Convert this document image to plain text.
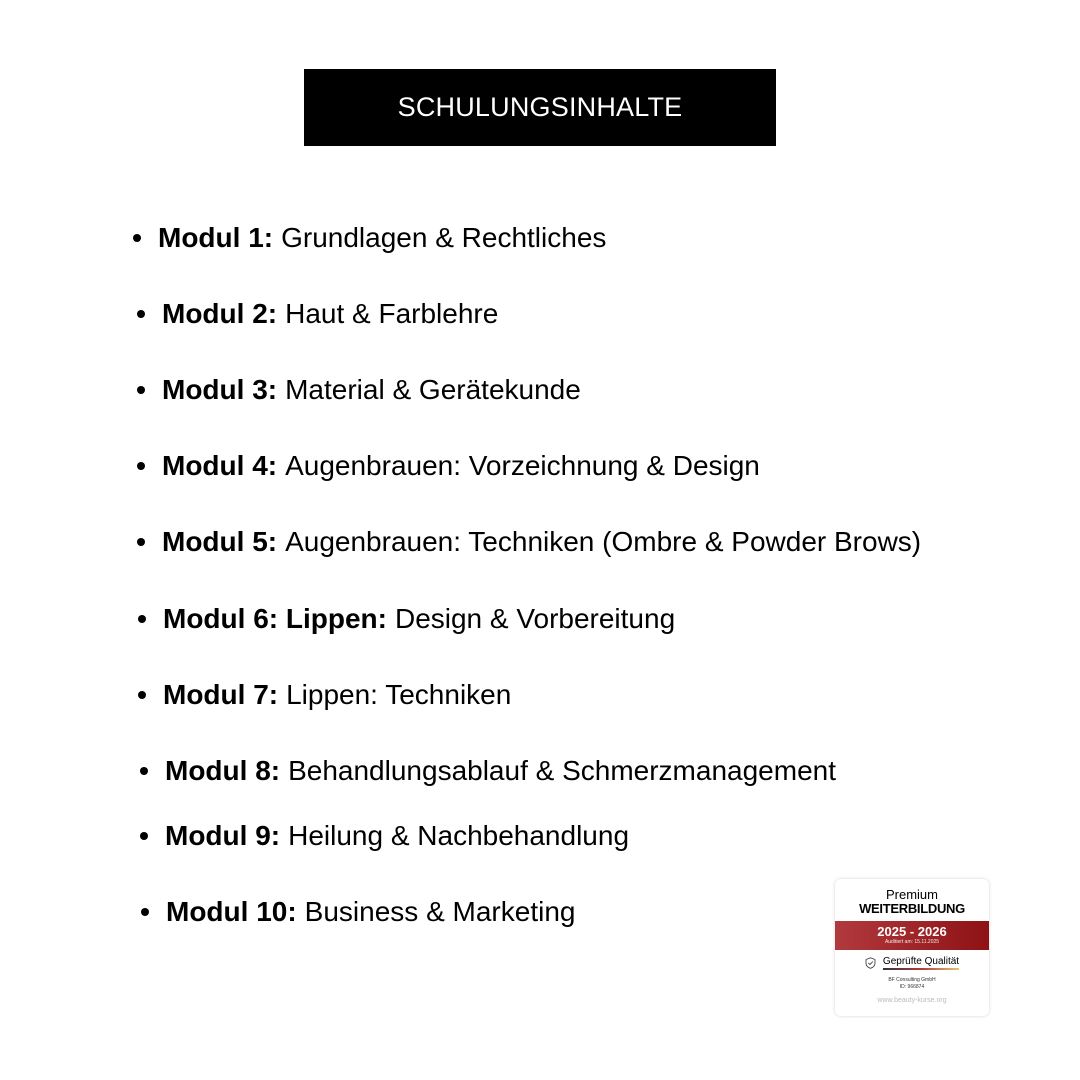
SCHULUNGSINHALTE
Modul 1: Grundlagen & Rechtliches
Modul 2: Haut & Farblehre
Modul 3: Material & Gerätekunde
Modul 4: Augenbrauen: Vorzeichnung & Design
Modul 5: Augenbrauen: Techniken (Ombre & Powder Brows)
Modul 6: Lippen: Design & Vorbereitung
Modul 7: Lippen: Techniken
Modul 8: Behandlungsablauf & Schmerzmanagement
Modul 9: Heilung & Nachbehandlung
Modul 10: Business & Marketing
Premium
WEITERBILDUNG
2025 - 2026
Auditiert am: 15.11.2025
Geprüfte Qualität
BF Consulting GmbH
ID: 966874
www.beauty-kurse.org
